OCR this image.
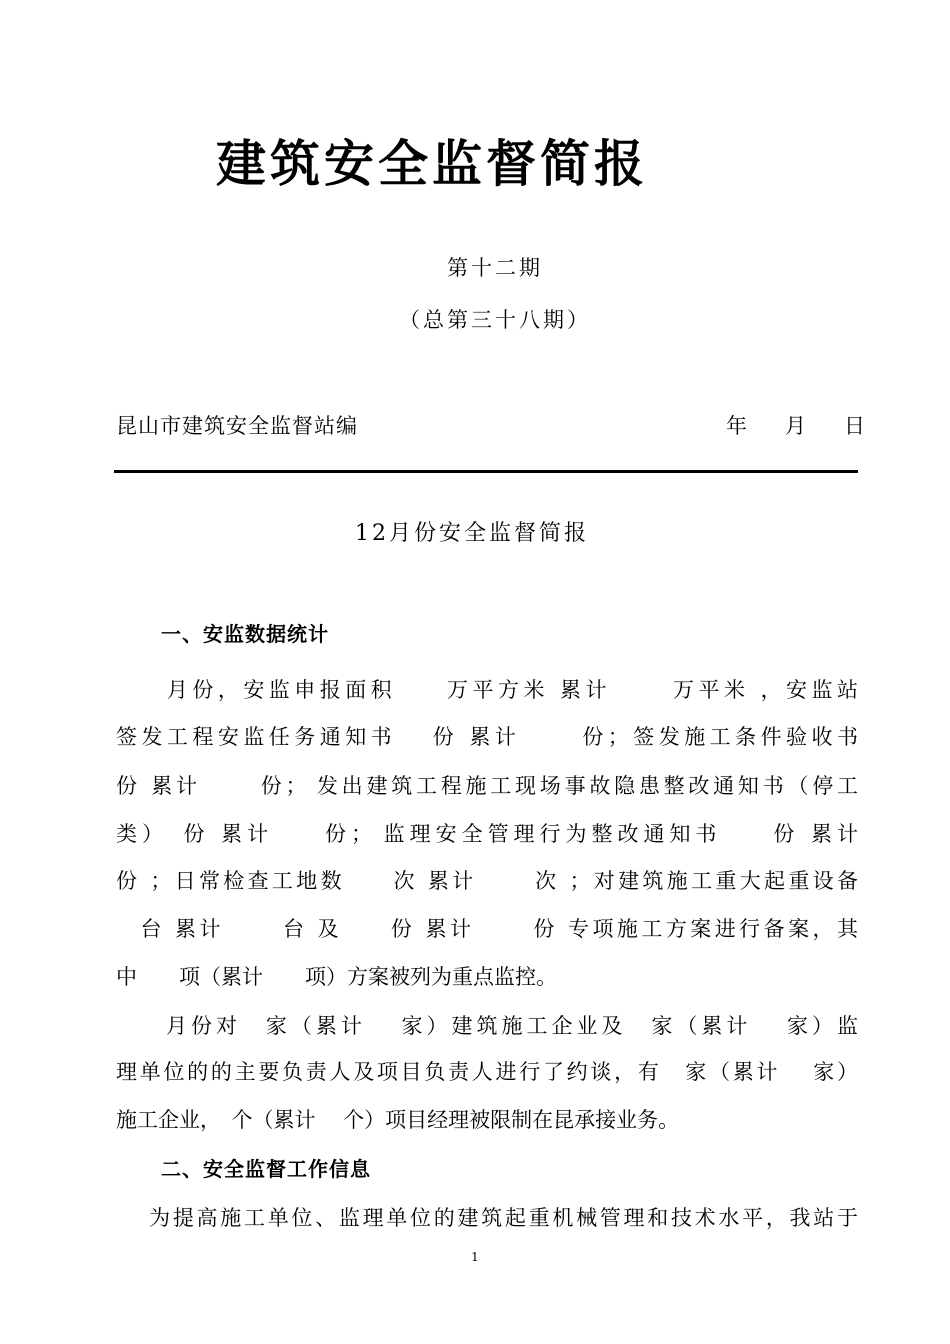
建筑安全监督简报
第十二期
（总第三十八期）
昆山市建筑安全监督站编	年 月 日
12月份安全监督简报
一、安监数据统计
　　月份，安监申报面积　　万平方米 累计　　 万平米 ，安监站
签发工程安监任务通知书　 份 累计　　 份；签发施工条件验收书
份 累计　　 份； 发出建筑工程施工现场事故隐患整改通知书（停工
类）　份 累计　　份； 监理安全管理行为整改通知书　　份 累计
份 ；日常检查工地数　　次 累计　　 次 ；对建筑施工重大起重设备
　台 累计　　 台 及　　份 累计　　 份 专项施工方案进行备案，其
中　　项（累计　　项）方案被列为重点监控。
　　月份对　家（累计　 家）建筑施工企业及　家（累计　 家）监
理单位的的主要负责人及项目负责人进行了约谈，有　家（累计　 家）
施工企业，　个（累计　 个）项目经理被限制在昆承接业务。
二、安全监督工作信息
　 为提高施工单位、监理单位的建筑起重机械管理和技术水平，我站于
1
